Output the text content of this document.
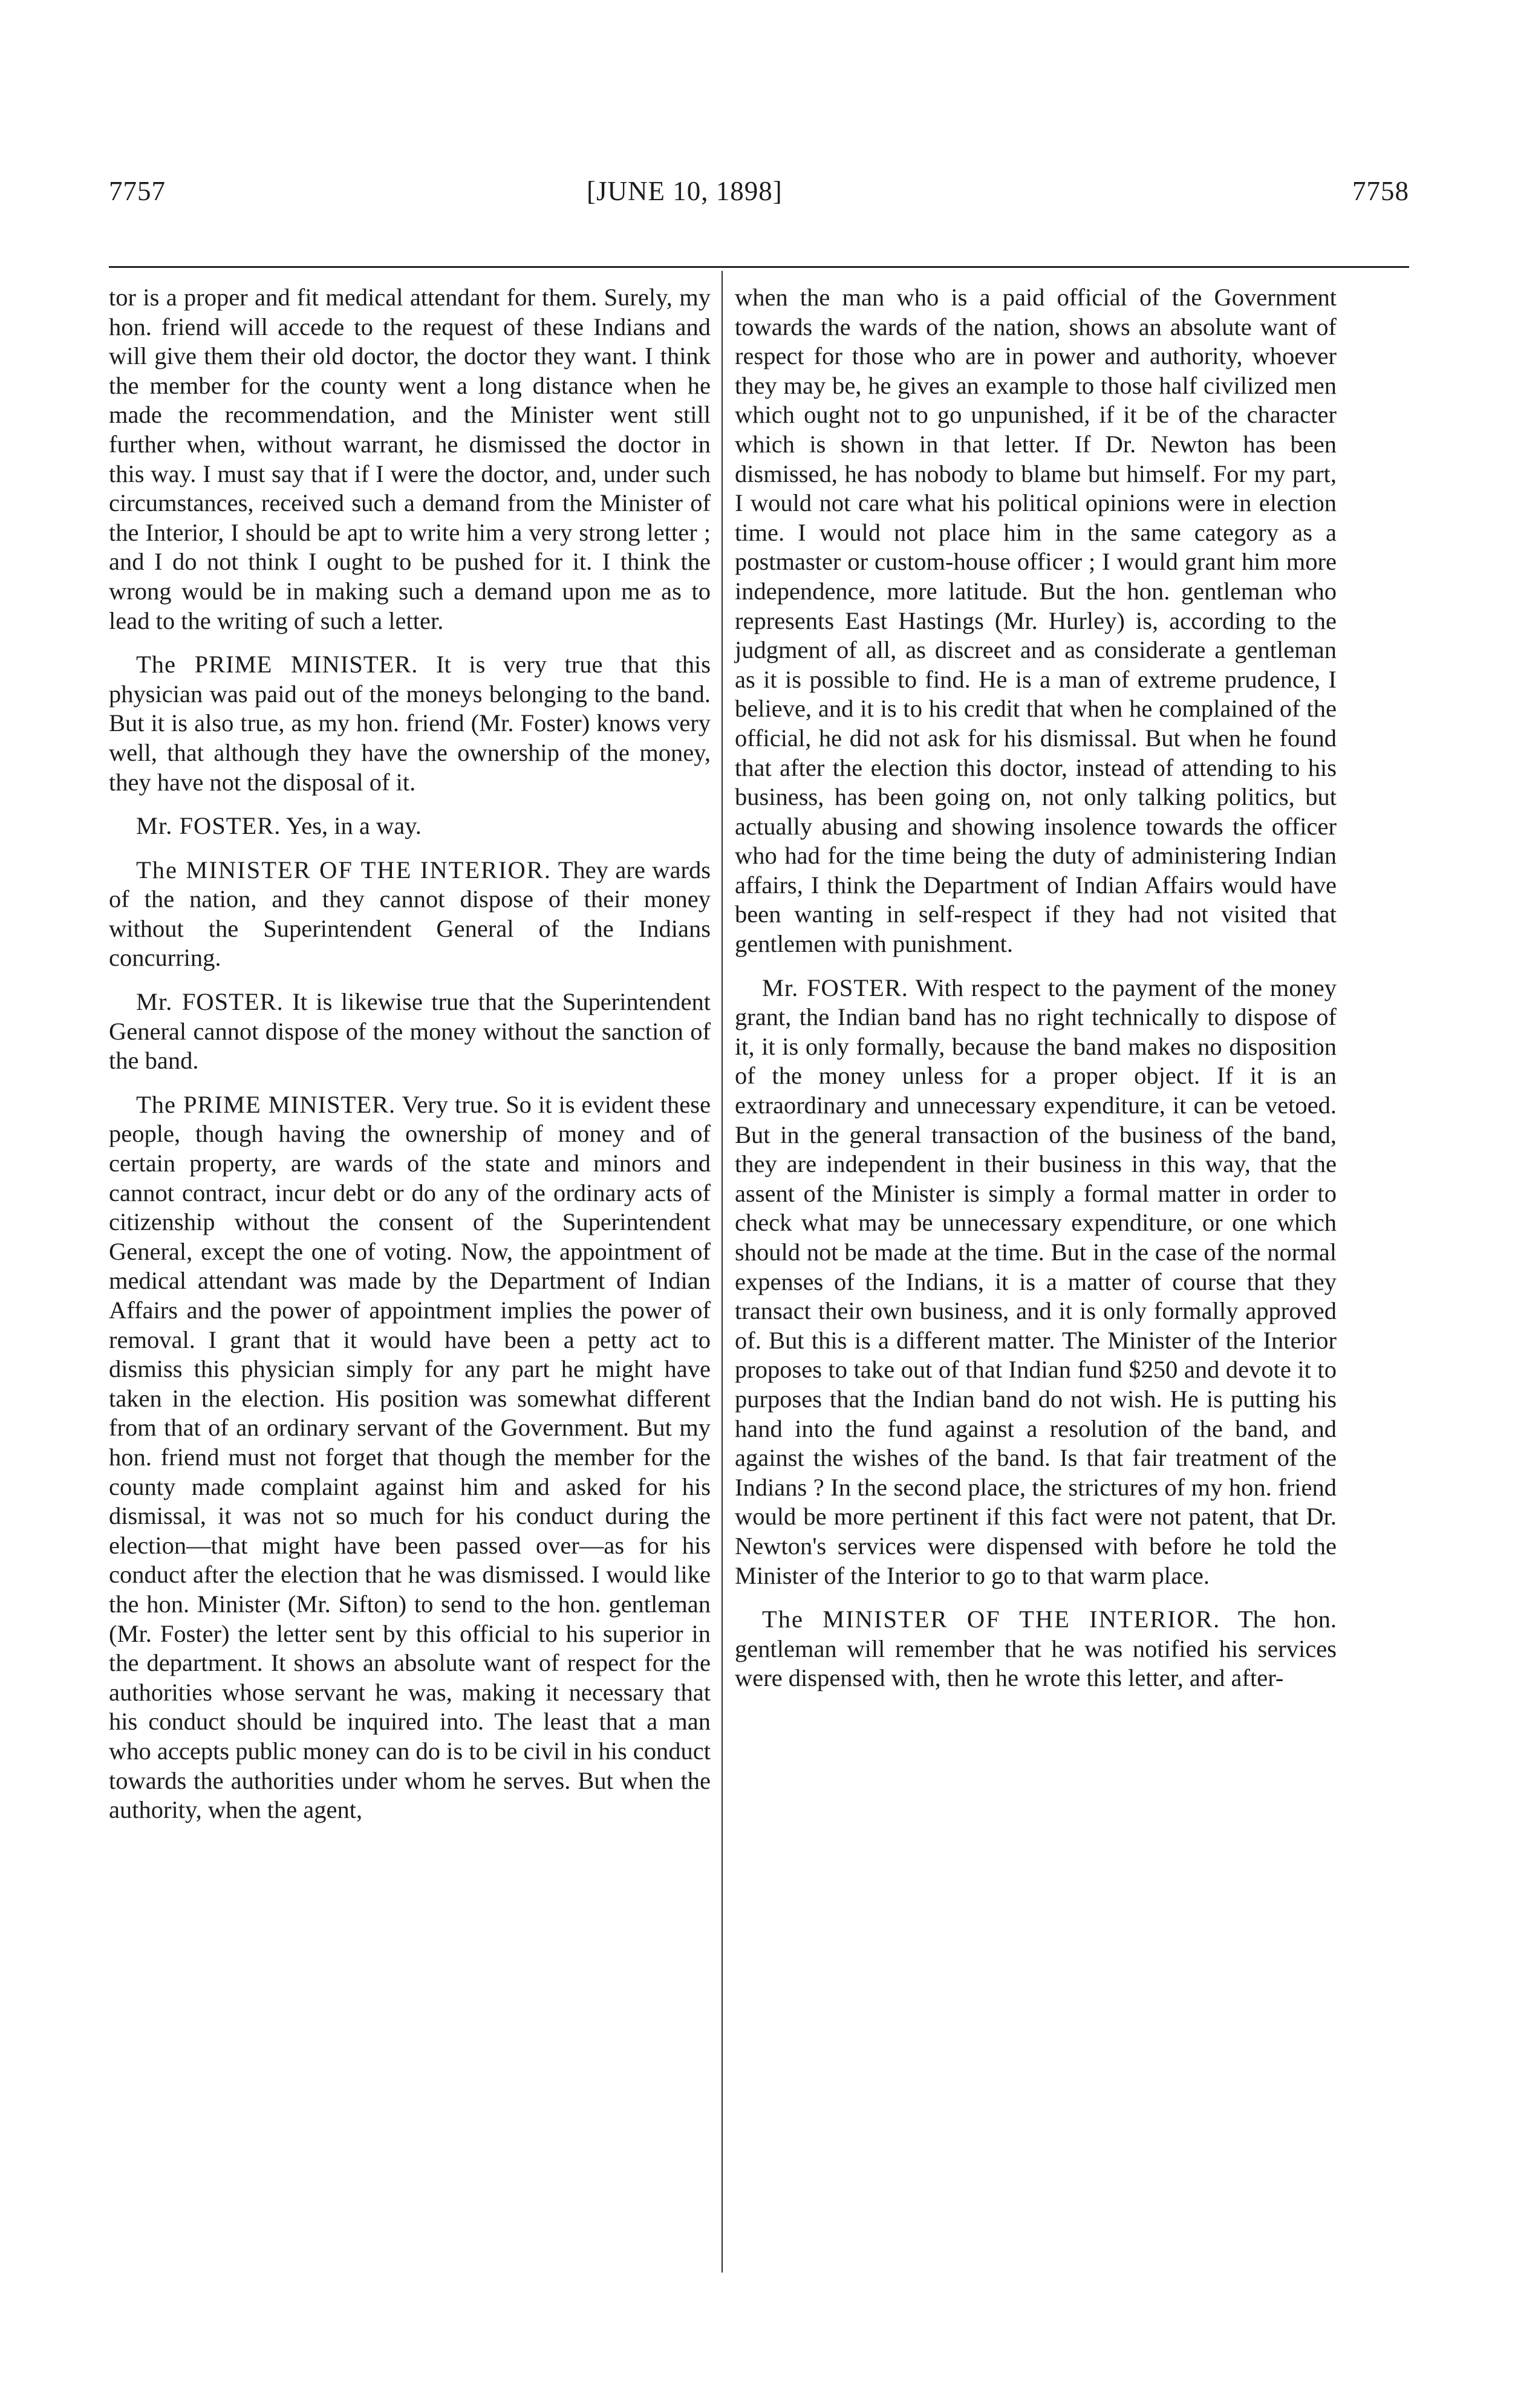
7757	[JUNE 10, 1898]	7758

tor is a proper and fit medical attendant for them. Surely, my hon. friend will accede to the request of these Indians and will give them their old doctor, the doctor they want. I think the member for the county went a long distance when he made the recommendation, and the Minister went still further when, without warrant, he dismissed the doctor in this way. I must say that if I were the doctor, and, under such circumstances, received such a demand from the Minister of the Interior, I should be apt to write him a very strong letter ; and I do not think I ought to be pushed for it. I think the wrong would be in making such a demand upon me as to lead to the writing of such a letter.

The PRIME MINISTER. It is very true that this physician was paid out of the moneys belonging to the band. But it is also true, as my hon. friend (Mr. Foster) knows very well, that although they have the ownership of the money, they have not the disposal of it.

Mr. FOSTER. Yes, in a way.

The MINISTER OF THE INTERIOR. They are wards of the nation, and they cannot dispose of their money without the Superintendent General of the Indians concurring.

Mr. FOSTER. It is likewise true that the Superintendent General cannot dispose of the money without the sanction of the band.

The PRIME MINISTER. Very true. So it is evident these people, though having the ownership of money and of certain property, are wards of the state and minors and cannot contract, incur debt or do any of the ordinary acts of citizenship without the consent of the Superintendent General, except the one of voting. Now, the appointment of medical attendant was made by the Department of Indian Affairs and the power of appointment implies the power of removal. I grant that it would have been a petty act to dismiss this physician simply for any part he might have taken in the election. His position was somewhat different from that of an ordinary servant of the Government. But my hon. friend must not forget that though the member for the county made complaint against him and asked for his dismissal, it was not so much for his conduct during the election—that might have been passed over—as for his conduct after the election that he was dismissed. I would like the hon. Minister (Mr. Sifton) to send to the hon. gentleman (Mr. Foster) the letter sent by this official to his superior in the department. It shows an absolute want of respect for the authorities whose servant he was, making it necessary that his conduct should be inquired into. The least that a man who accepts public money can do is to be civil in his conduct towards the authorities under whom he serves. But when the authority, when the agent,

when the man who is a paid official of the Government towards the wards of the nation, shows an absolute want of respect for those who are in power and authority, whoever they may be, he gives an example to those half civilized men which ought not to go unpunished, if it be of the character which is shown in that letter. If Dr. Newton has been dismissed, he has nobody to blame but himself. For my part, I would not care what his political opinions were in election time. I would not place him in the same category as a postmaster or custom-house officer ; I would grant him more independence, more latitude. But the hon. gentleman who represents East Hastings (Mr. Hurley) is, according to the judgment of all, as discreet and as considerate a gentleman as it is possible to find. He is a man of extreme prudence, I believe, and it is to his credit that when he complained of the official, he did not ask for his dismissal. But when he found that after the election this doctor, instead of attending to his business, has been going on, not only talking politics, but actually abusing and showing insolence towards the officer who had for the time being the duty of administering Indian affairs, I think the Department of Indian Affairs would have been wanting in self-respect if they had not visited that gentlemen with punishment.

Mr. FOSTER. With respect to the payment of the money grant, the Indian band has no right technically to dispose of it, it is only formally, because the band makes no disposition of the money unless for a proper object. If it is an extraordinary and unnecessary expenditure, it can be vetoed. But in the general transaction of the business of the band, they are independent in their business in this way, that the assent of the Minister is simply a formal matter in order to check what may be unnecessary expenditure, or one which should not be made at the time. But in the case of the normal expenses of the Indians, it is a matter of course that they transact their own business, and it is only formally approved of. But this is a different matter. The Minister of the Interior proposes to take out of that Indian fund $250 and devote it to purposes that the Indian band do not wish. He is putting his hand into the fund against a resolution of the band, and against the wishes of the band. Is that fair treatment of the Indians ? In the second place, the strictures of my hon. friend would be more pertinent if this fact were not patent, that Dr. Newton's services were dispensed with before he told the Minister of the Interior to go to that warm place.

The MINISTER OF THE INTERIOR. The hon. gentleman will remember that he was notified his services were dispensed with, then he wrote this letter, and after-
